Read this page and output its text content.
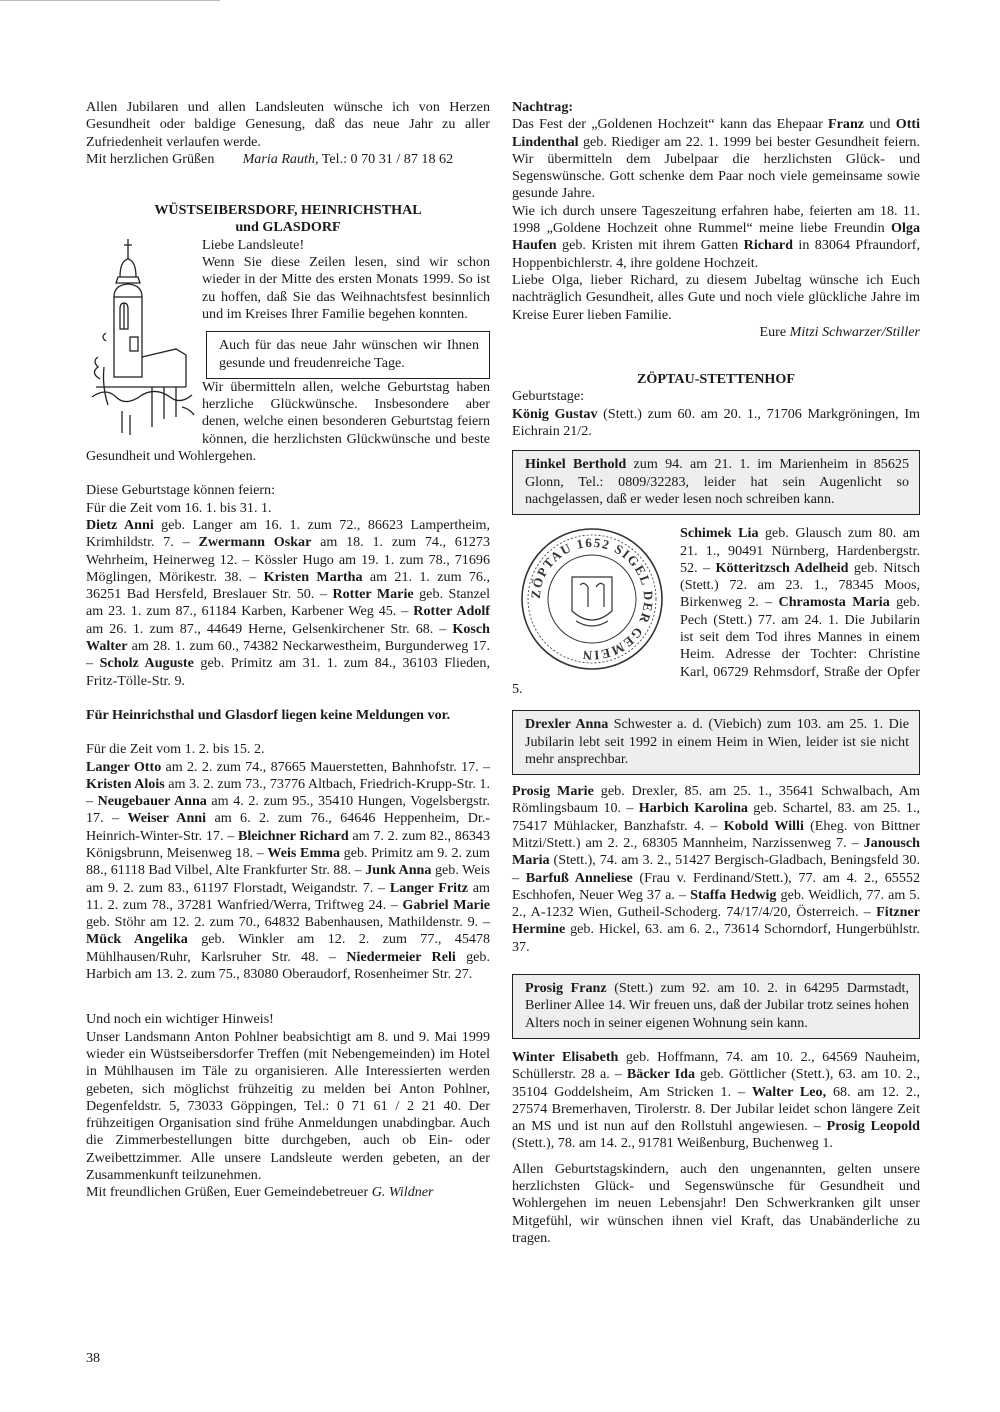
Allen Jubilaren und allen Landsleuten wünsche ich von Herzen Gesundheit oder baldige Genesung, daß das neue Jahr zu aller Zufriedenheit verlaufen werde.

Mit herzlichen Grüßen Maria Rauth, Tel.: 0 70 31 / 87 18 62

WÜSTSEIBERSDORF, HEINRICHSTHAL

und GLASDORF

Liebe Landsleute!

Wenn Sie diese Zeilen lesen, sind wir schon wieder in der Mitte des ersten Monats 1999. So ist zu hoffen, daß Sie das Weihnachtsfest besinnlich und im Kreises Ihrer Familie begehen konnten.

Auch für das neue Jahr wünschen wir Ihnen gesunde und freudenreiche Tage.

Wir übermitteln allen, welche Geburtstag haben herzliche Glückwünsche. Insbesondere aber denen, welche einen besonderen Geburtstag feiern können, die herzlichsten Glückwünsche und beste Gesundheit und Wohlergehen.

Diese Geburtstage können feiern:

Für die Zeit vom 16. 1. bis 31. 1.

Dietz Anni geb. Langer am 16. 1. zum 72., 86623 Lampertheim, Krimhildstr. 7. – Zwermann Oskar am 18. 1. zum 74., 61273 Wehrheim, Heinerweg 12. – Kössler Hugo am 19. 1. zum 78., 71696 Möglingen, Mörikestr. 38. – Kristen Martha am 21. 1. zum 76., 36251 Bad Hersfeld, Breslauer Str. 50. – Rotter Marie geb. Stanzel am 23. 1. zum 87., 61184 Karben, Karbener Weg 45. – Rotter Adolf am 26. 1. zum 87., 44649 Herne, Gelsenkirchener Str. 68. – Kosch Walter am 28. 1. zum 60., 74382 Neckarwestheim, Burgunderweg 17. – Scholz Auguste geb. Primitz am 31. 1. zum 84., 36103 Flieden, Fritz-Tölle-Str. 9.

Für Heinrichsthal und Glasdorf liegen keine Meldungen vor.

Für die Zeit vom 1. 2. bis 15. 2.

Langer Otto am 2. 2. zum 74., 87665 Mauerstetten, Bahnhofstr. 17. – Kristen Alois am 3. 2. zum 73., 73776 Altbach, Friedrich-Krupp-Str. 1. – Neugebauer Anna am 4. 2. zum 95., 35410 Hungen, Vogelsbergstr. 17. – Weiser Anni am 6. 2. zum 76., 64646 Heppenheim, Dr.-Heinrich-Winter-Str. 17. – Bleichner Richard am 7. 2. zum 82., 86343 Königsbrunn, Meisenweg 18. – Weis Emma geb. Primitz am 9. 2. zum 88., 61118 Bad Vilbel, Alte Frankfurter Str. 88. – Junk Anna geb. Weis am 9. 2. zum 83., 61197 Florstadt, Weigandstr. 7. – Langer Fritz am 11. 2. zum 78., 37281 Wanfried/Werra, Triftweg 24. – Gabriel Marie geb. Stöhr am 12. 2. zum 70., 64832 Babenhausen, Mathildenstr. 9. – Mück Angelika geb. Winkler am 12. 2. zum 77., 45478 Mühlhausen/Ruhr, Karlsruher Str. 48. – Niedermeier Reli geb. Harbich am 13. 2. zum 75., 83080 Oberaudorf, Rosenheimer Str. 27.

Und noch ein wichtiger Hinweis!

Unser Landsmann Anton Pohlner beabsichtigt am 8. und 9. Mai 1999 wieder ein Wüstseibersdorfer Treffen (mit Nebengemeinden) im Hotel in Mühlhausen im Täle zu organisieren. Alle Interessierten werden gebeten, sich möglichst frühzeitig zu melden bei Anton Pohlner, Degenfeldstr. 5, 73033 Göppingen, Tel.: 0 71 61 / 2 21 40. Der frühzeitigen Organisation sind frühe Anmeldungen unabdingbar. Auch die Zimmerbestellungen bitte durchgeben, auch ob Ein- oder Zweibettzimmer. Alle unsere Landsleute werden gebeten, an der Zusammenkunft teilzunehmen.

Mit freundlichen Grüßen, Euer Gemeindebetreuer G. Wildner

Nachtrag:

Das Fest der „Goldenen Hochzeit“ kann das Ehepaar Franz und Otti Lindenthal geb. Riediger am 22. 1. 1999 bei bester Gesundheit feiern. Wir übermitteln dem Jubelpaar die herzlichsten Glück- und Segenswünsche. Gott schenke dem Paar noch viele gemeinsame sowie gesunde Jahre.

Wie ich durch unsere Tageszeitung erfahren habe, feierten am 18. 11. 1998 „Goldene Hochzeit ohne Rummel“ meine liebe Freundin Olga Haufen geb. Kristen mit ihrem Gatten Richard in 83064 Pfraundorf, Hoppenbichlerstr. 4, ihre goldene Hochzeit.

Liebe Olga, lieber Richard, zu diesem Jubeltag wünsche ich Euch nachträglich Gesundheit, alles Gute und noch viele glückliche Jahre im Kreise Eurer lieben Familie.

Eure Mitzi Schwarzer/Stiller

ZÖPTAU-STETTENHOF

Geburtstage:

König Gustav (Stett.) zum 60. am 20. 1., 71706 Markgröningen, Im Eichrain 21/2.

Hinkel Berthold zum 94. am 21. 1. im Marienheim in 85625 Glonn, Tel.: 0809/32283, leider hat sein Augenlicht so nachgelassen, daß er weder lesen noch schreiben kann.

ZÖPTAU 1652 SIGEL DER GEMEIN

Schimek Lia geb. Glausch zum 80. am 21. 1., 90491 Nürnberg, Hardenbergstr. 52. – Kötteritzsch Adelheid geb. Nitsch (Stett.) 72. am 23. 1., 78345 Moos, Birkenweg 2. – Chramosta Maria geb. Pech (Stett.) 77. am 24. 1. Die Jubilarin ist seit dem Tod ihres Mannes in einem Heim. Adresse der Tochter: Christine Karl, 06729 Rehmsdorf, Straße der Opfer 5.

Drexler Anna Schwester a. d. (Viebich) zum 103. am 25. 1. Die Jubilarin lebt seit 1992 in einem Heim in Wien, leider ist sie nicht mehr ansprechbar.

Prosig Marie geb. Drexler, 85. am 25. 1., 35641 Schwalbach, Am Römlingsbaum 10. – Harbich Karolina geb. Schartel, 83. am 25. 1., 75417 Mühlacker, Banzhafstr. 4. – Kobold Willi (Eheg. von Bittner Mitzi/Stett.) am 2. 2., 68305 Mannheim, Narzissenweg 7. – Janousch Maria (Stett.), 74. am 3. 2., 51427 Bergisch-Gladbach, Beningsfeld 30. – Barfuß Anneliese (Frau v. Ferdinand/Stett.), 77. am 4. 2., 65552 Eschhofen, Neuer Weg 37 a. – Staffa Hedwig geb. Weidlich, 77. am 5. 2., A-1232 Wien, Gutheil-Schoderg. 74/17/4/20, Österreich. – Fitzner Hermine geb. Hickel, 63. am 6. 2., 73614 Schorndorf, Hungerbühlstr. 37.

Prosig Franz (Stett.) zum 92. am 10. 2. in 64295 Darmstadt, Berliner Allee 14. Wir freuen uns, daß der Jubilar trotz seines hohen Alters noch in seiner eigenen Wohnung sein kann.

Winter Elisabeth geb. Hoffmann, 74. am 10. 2., 64569 Nauheim, Schüllerstr. 28 a. – Bäcker Ida geb. Göttlicher (Stett.), 63. am 10. 2., 35104 Goddelsheim, Am Stricken 1. – Walter Leo, 68. am 12. 2., 27574 Bremerhaven, Tirolerstr. 8. Der Jubilar leidet schon längere Zeit an MS und ist nun auf den Rollstuhl angewiesen. – Prosig Leopold (Stett.), 78. am 14. 2., 91781 Weißenburg, Buchenweg 1.

Allen Geburtstagskindern, auch den ungenannten, gelten unsere herzlichsten Glück- und Segenswünsche für Gesundheit und Wohlergehen im neuen Lebensjahr! Den Schwerkranken gilt unser Mitgefühl, wir wünschen ihnen viel Kraft, das Unabänderliche zu tragen.

38
